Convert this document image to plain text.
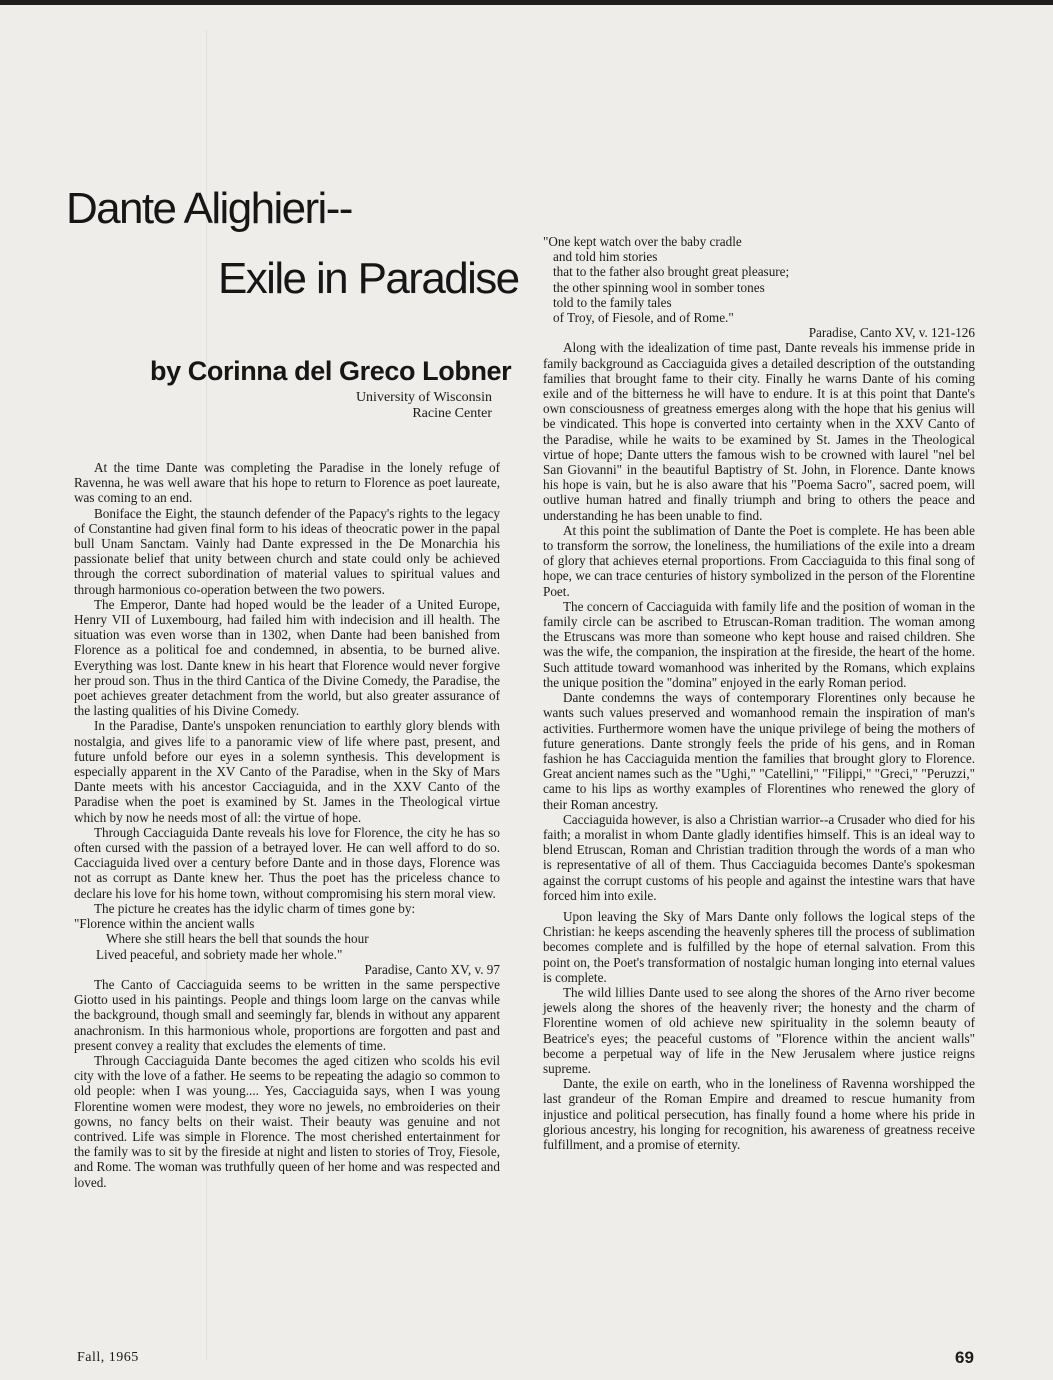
Dante Alighieri--
Exile in Paradise
by Corinna del Greco Lobner
University of Wisconsin
Racine Center

At the time Dante was completing the Paradise in the lonely refuge of Ravenna, he was well aware that his hope to return to Florence as poet laureate, was coming to an end.

Boniface the Eight, the staunch defender of the Papacy's rights to the legacy of Constantine had given final form to his ideas of theocratic power in the papal bull Unam Sanctam. Vainly had Dante expressed in the De Monarchia his passionate belief that unity between church and state could only be achieved through the correct subordination of material values to spiritual values and through harmonious co-operation between the two powers.

The Emperor, Dante had hoped would be the leader of a United Europe, Henry VII of Luxembourg, had failed him with indecision and ill health. The situation was even worse than in 1302, when Dante had been banished from Florence as a political foe and condemned, in absentia, to be burned alive. Everything was lost. Dante knew in his heart that Florence would never forgive her proud son. Thus in the third Cantica of the Divine Comedy, the Paradise, the poet achieves greater detachment from the world, but also greater assurance of the lasting qualities of his Divine Comedy.

In the Paradise, Dante's unspoken renunciation to earthly glory blends with nostalgia, and gives life to a panoramic view of life where past, present, and future unfold before our eyes in a solemn synthesis. This development is especially apparent in the XV Canto of the Paradise, when in the Sky of Mars Dante meets with his ancestor Cacciaguida, and in the XXV Canto of the Paradise when the poet is examined by St. James in the Theological virtue which by now he needs most of all: the virtue of hope.

Through Cacciaguida Dante reveals his love for Florence, the city he has so often cursed with the passion of a betrayed lover. He can well afford to do so. Cacciaguida lived over a century before Dante and in those days, Florence was not as corrupt as Dante knew her. Thus the poet has the priceless chance to declare his love for his home town, without compromising his stern moral view.

The picture he creates has the idylic charm of times gone by:

"Florence within the ancient walls
Where she still hears the bell that sounds the hour
Lived peaceful, and sobriety made her whole."
Paradise, Canto XV, v. 97

The Canto of Cacciaguida seems to be written in the same perspective Giotto used in his paintings. People and things loom large on the canvas while the background, though small and seemingly far, blends in without any apparent anachronism. In this harmonious whole, proportions are forgotten and past and present convey a reality that excludes the elements of time.

Through Cacciaguida Dante becomes the aged citizen who scolds his evil city with the love of a father. He seems to be repeating the adagio so common to old people: when I was young.... Yes, Cacciaguida says, when I was young Florentine women were modest, they wore no jewels, no embroideries on their gowns, no fancy belts on their waist. Their beauty was genuine and not contrived. Life was simple in Florence. The most cherished entertainment for the family was to sit by the fireside at night and listen to stories of Troy, Fiesole, and Rome. The woman was truthfully queen of her home and was respected and loved.

"One kept watch over the baby cradle
and told him stories
that to the father also brought great pleasure;
the other spinning wool in somber tones
told to the family tales
of Troy, of Fiesole, and of Rome."
Paradise, Canto XV, v. 121-126

Along with the idealization of time past, Dante reveals his immense pride in family background as Cacciaguida gives a detailed description of the outstanding families that brought fame to their city. Finally he warns Dante of his coming exile and of the bitterness he will have to endure. It is at this point that Dante's own consciousness of greatness emerges along with the hope that his genius will be vindicated. This hope is converted into certainty when in the XXV Canto of the Paradise, while he waits to be examined by St. James in the Theological virtue of hope; Dante utters the famous wish to be crowned with laurel "nel bel San Giovanni" in the beautiful Baptistry of St. John, in Florence. Dante knows his hope is vain, but he is also aware that his "Poema Sacro", sacred poem, will outlive human hatred and finally triumph and bring to others the peace and understanding he has been unable to find.

At this point the sublimation of Dante the Poet is complete. He has been able to transform the sorrow, the loneliness, the humiliations of the exile into a dream of glory that achieves eternal proportions. From Cacciaguida to this final song of hope, we can trace centuries of history symbolized in the person of the Florentine Poet.

The concern of Cacciaguida with family life and the position of woman in the family circle can be ascribed to Etruscan-Roman tradition. The woman among the Etruscans was more than someone who kept house and raised children. She was the wife, the companion, the inspiration at the fireside, the heart of the home. Such attitude toward womanhood was inherited by the Romans, which explains the unique position the "domina" enjoyed in the early Roman period.

Dante condemns the ways of contemporary Florentines only because he wants such values preserved and womanhood remain the inspiration of man's activities. Furthermore women have the unique privilege of being the mothers of future generations. Dante strongly feels the pride of his gens, and in Roman fashion he has Cacciaguida mention the families that brought glory to Florence. Great ancient names such as the "Ughi," "Catellini," "Filippi," "Greci," "Peruzzi," came to his lips as worthy examples of Florentines who renewed the glory of their Roman ancestry.

Cacciaguida however, is also a Christian warrior--a Crusader who died for his faith; a moralist in whom Dante gladly identifies himself. This is an ideal way to blend Etruscan, Roman and Christian tradition through the words of a man who is representative of all of them. Thus Cacciaguida becomes Dante's spokesman against the corrupt customs of his people and against the intestine wars that have forced him into exile.

Upon leaving the Sky of Mars Dante only follows the logical steps of the Christian: he keeps ascending the heavenly spheres till the process of sublimation becomes complete and is fulfilled by the hope of eternal salvation. From this point on, the Poet's transformation of nostalgic human longing into eternal values is complete.

The wild lillies Dante used to see along the shores of the Arno river become jewels along the shores of the heavenly river; the honesty and the charm of Florentine women of old achieve new spirituality in the solemn beauty of Beatrice's eyes; the peaceful customs of "Florence within the ancient walls" become a perpetual way of life in the New Jerusalem where justice reigns supreme.

Dante, the exile on earth, who in the loneliness of Ravenna worshipped the last grandeur of the Roman Empire and dreamed to rescue humanity from injustice and political persecution, has finally found a home where his pride in glorious ancestry, his longing for recognition, his awareness of greatness receive fulfillment, and a promise of eternity.

Fall, 1965	69
